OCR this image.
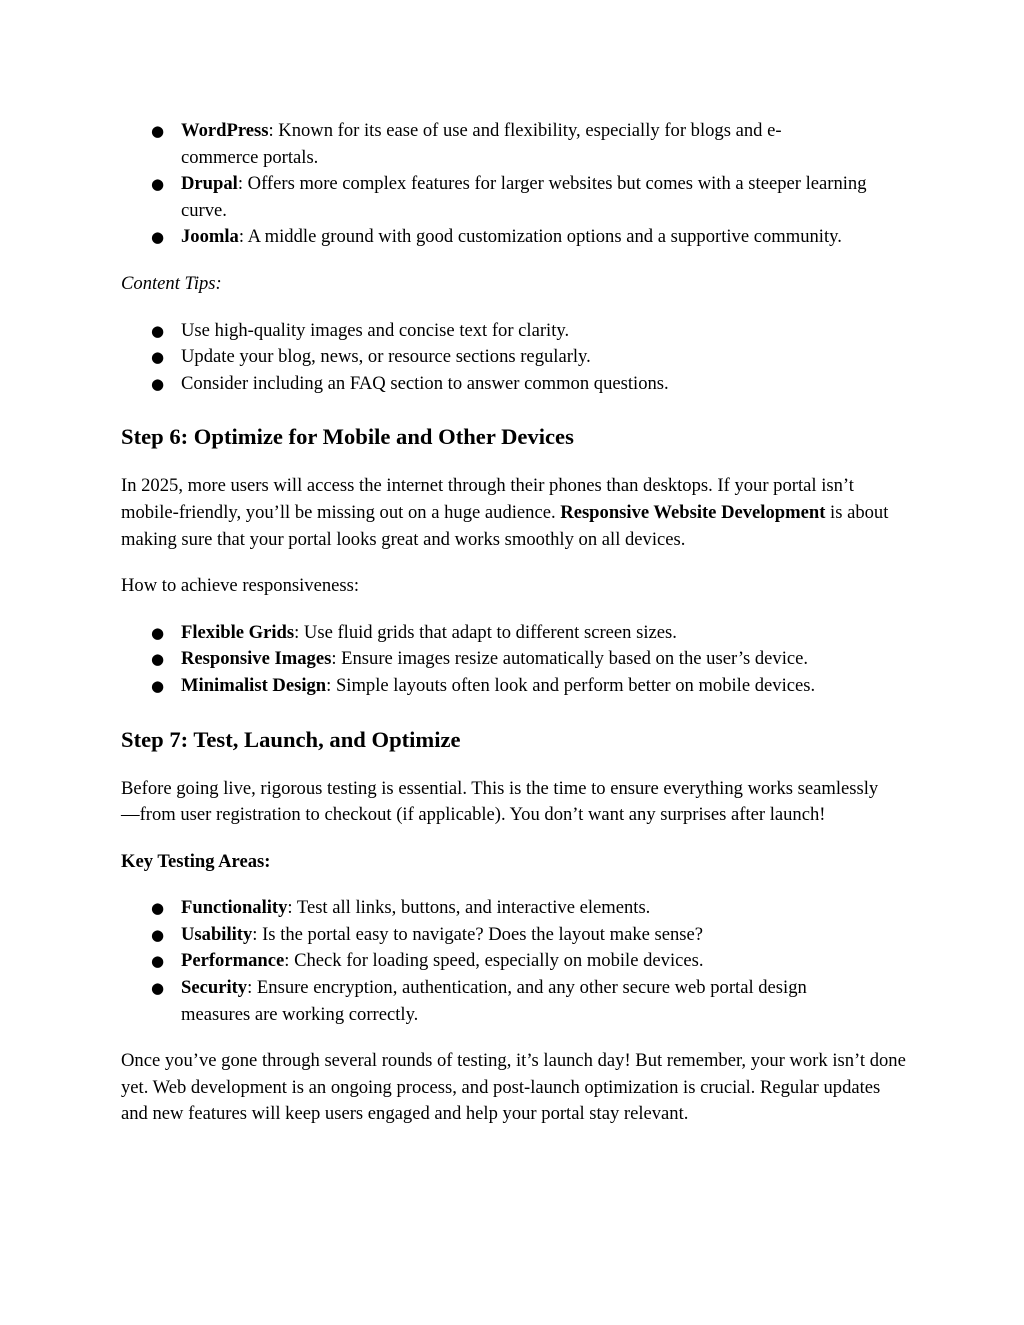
● WordPress: Known for its ease of use and flexibility, especially for blogs and e-commerce portals.
● Drupal: Offers more complex features for larger websites but comes with a steeper learning curve.
● Joomla: A middle ground with good customization options and a supportive community.

Content Tips:

● Use high-quality images and concise text for clarity.
● Update your blog, news, or resource sections regularly.
● Consider including an FAQ section to answer common questions.
Step 6: Optimize for Mobile and Other Devices

In 2025, more users will access the internet through their phones than desktops. If your portal isn’t mobile-friendly, you’ll be missing out on a huge audience. Responsive Website Development is about making sure that your portal looks great and works smoothly on all devices.

How to achieve responsiveness:

● Flexible Grids: Use fluid grids that adapt to different screen sizes.
● Responsive Images: Ensure images resize automatically based on the user’s device.
● Minimalist Design: Simple layouts often look and perform better on mobile devices.
Step 7: Test, Launch, and Optimize

Before going live, rigorous testing is essential. This is the time to ensure everything works seamlessly—from user registration to checkout (if applicable). You don’t want any surprises after launch!

Key Testing Areas:

● Functionality: Test all links, buttons, and interactive elements.
● Usability: Is the portal easy to navigate? Does the layout make sense?
● Performance: Check for loading speed, especially on mobile devices.
● Security: Ensure encryption, authentication, and any other secure web portal design measures are working correctly.

Once you’ve gone through several rounds of testing, it’s launch day! But remember, your work isn’t done yet. Web development is an ongoing process, and post-launch optimization is crucial. Regular updates and new features will keep users engaged and help your portal stay relevant.
